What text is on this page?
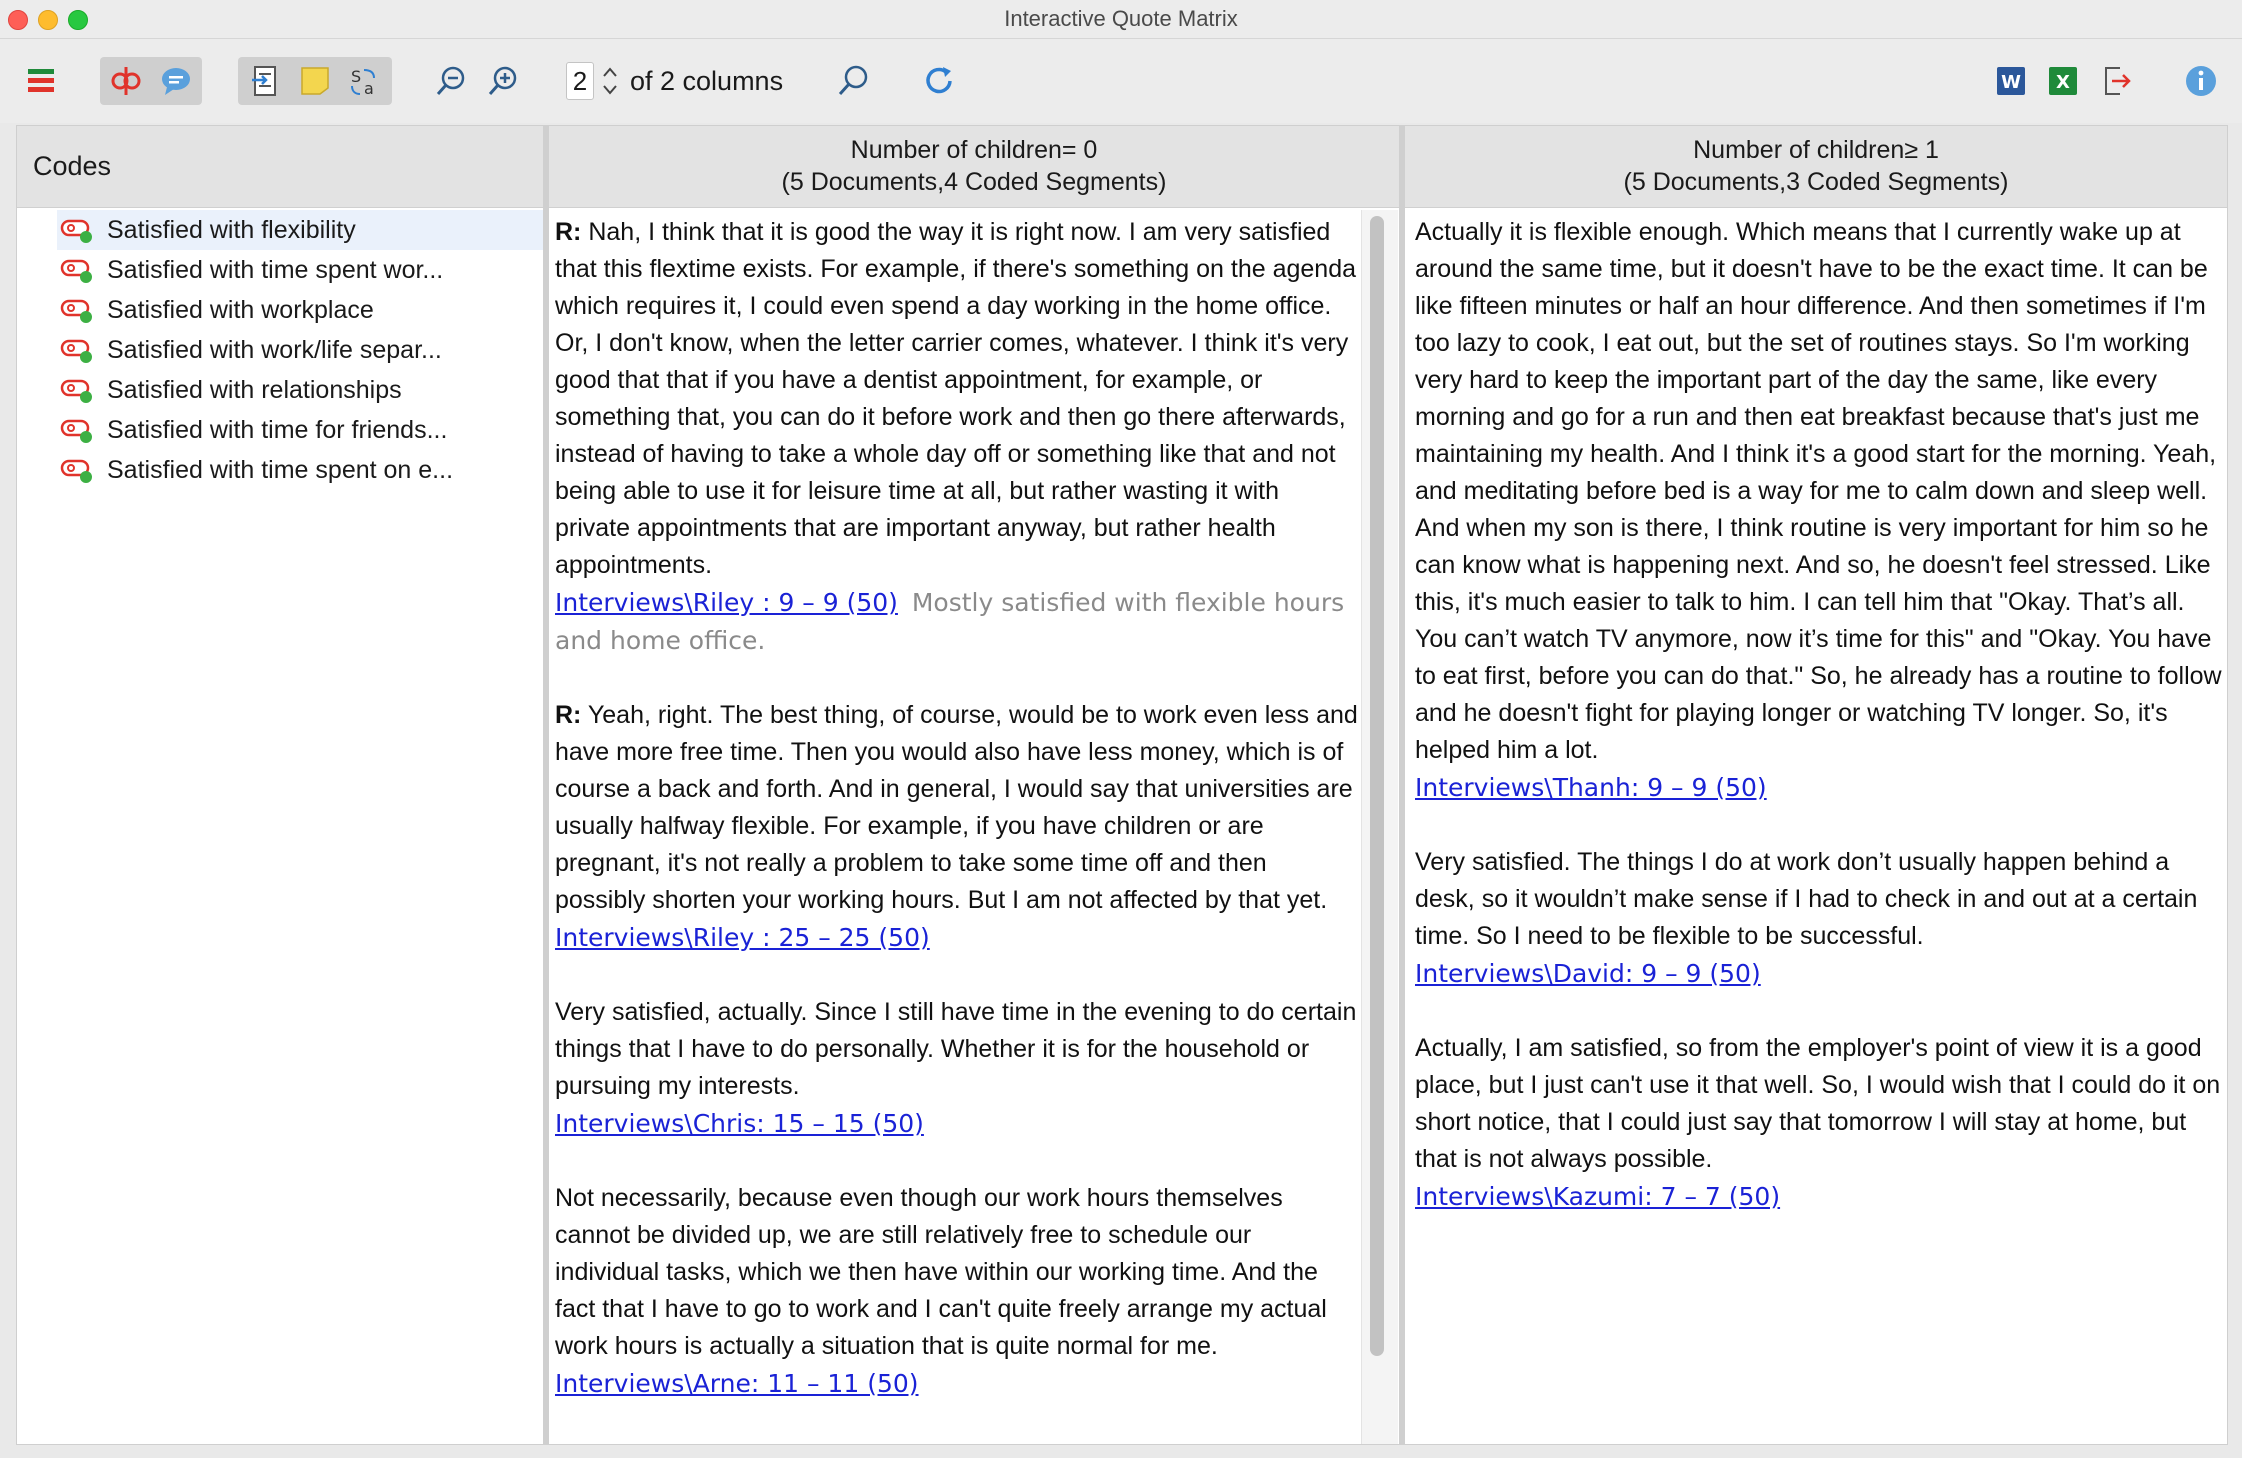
Interactive Quote Matrix
S
a	2 of 2 columns	W X
Codes
Number of children= 0
(5 Documents,4 Coded Segments)
Number of children≥ 1
(5 Documents,3 Coded Segments)
Satisfied with flexibility
Satisfied with time spent wor...
Satisfied with workplace
Satisfied with work/life separ...
Satisfied with relationships
Satisfied with time for friends...
Satisfied with time spent on e...

R: Nah, I think that it is good the way it is right now. I am very satisfied that this flextime exists. For example, if there's something on the agenda which requires it, I could even spend a day working in the home office. Or, I don't know, when the letter carrier comes, whatever. I think it's very good that that if you have a dentist appointment, for example, or something that, you can do it before work and then go there afterwards, instead of having to take a whole day off or something like that and not being able to use it for leisure time at all, but rather wasting it with private appointments that are important anyway, but rather health appointments.

Interviews\Riley : 9 – 9 (50) Mostly satisfied with flexible hours and home office.

R: Yeah, right. The best thing, of course, would be to work even less and have more free time. Then you would also have less money, which is of course a back and forth. And in general, I would say that universities are usually halfway flexible. For example, if you have children or are pregnant, it's not really a problem to take some time off and then possibly shorten your working hours. But I am not affected by that yet.

Interviews\Riley : 25 – 25 (50)

Very satisfied, actually. Since I still have time in the evening to do certain things that I have to do personally. Whether it is for the household or pursuing my interests.

Interviews\Chris: 15 – 15 (50)

Not necessarily, because even though our work hours themselves cannot be divided up, we are still relatively free to schedule our individual tasks, which we then have within our working time. And the fact that I have to go to work and I can't quite freely arrange my actual work hours is actually a situation that is quite normal for me.

Interviews\Arne: 11 – 11 (50)

Actually it is flexible enough. Which means that I currently wake up at around the same time, but it doesn't have to be the exact time. It can be like fifteen minutes or half an hour difference. And then sometimes if I'm too lazy to cook, I eat out, but the set of routines stays. So I'm working very hard to keep the important part of the day the same, like every morning and go for a run and then eat breakfast because that's just me maintaining my health. And I think it's a good start for the morning. Yeah, and meditating before bed is a way for me to calm down and sleep well. And when my son is there, I think routine is very important for him so he can know what is happening next. And so, he doesn't feel stressed. Like this, it's much easier to talk to him. I can tell him that "Okay. That’s all. You can’t watch TV anymore, now it’s time for this" and "Okay. You have to eat first, before you can do that." So, he already has a routine to follow and he doesn't fight for playing longer or watching TV longer. So, it's helped him a lot.

Interviews\Thanh: 9 – 9 (50)

Very satisfied. The things I do at work don’t usually happen behind a desk, so it wouldn’t make sense if I had to check in and out at a certain time. So I need to be flexible to be successful.

Interviews\David: 9 – 9 (50)

Actually, I am satisfied, so from the employer's point of view it is a good place, but I just can't use it that well. So, I would wish that I could do it on short notice, that I could just say that tomorrow I will stay at home, but that is not always possible.

Interviews\Kazumi: 7 – 7 (50)
